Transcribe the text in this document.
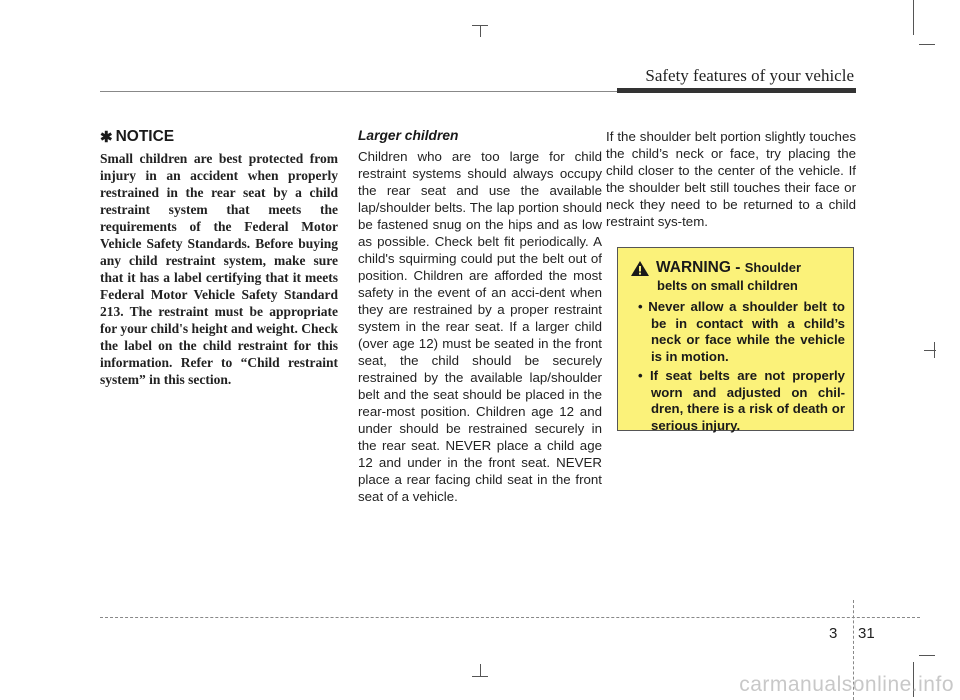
Safety features of your vehicle
✱ NOTICE

Small children are best protected from injury in an accident when properly restrained in the rear seat by a child restraint system that meets the requirements of the Federal Motor Vehicle Safety Standards. Before buying any child restraint system, make sure that it has a label certifying that it meets Federal Motor Vehicle Safety Standard 213. The restraint must be appropriate for your child's height and weight. Check the label on the child restraint for this information. Refer to “Child restraint system” in this section.

Larger children

Children who are too large for child restraint systems should always occupy the rear seat and use the available lap/shoulder belts. The lap portion should be fastened snug on the hips and as low as possible. Check belt fit periodically. A child's squirming could put the belt out of position. Children are afforded the most safety in the event of an acci-dent when they are restrained by a proper restraint system in the rear seat. If a larger child (over age 12) must be seated in the front seat, the child should be securely restrained by the available lap/shoulder belt and the seat should be placed in the rear-most position. Children age 12 and under should be restrained securely in the rear seat. NEVER place a child age 12 and under in the front seat. NEVER place a rear facing child seat in the front seat of a vehicle.

If the shoulder belt portion slightly touches the child’s neck or face, try placing the child closer to the center of the vehicle. If the shoulder belt still touches their face or neck they need to be returned to a child restraint sys-tem.

WARNING - Shoulder
belts on small children
• Never allow a shoulder belt to be in contact with a child’s neck or face while the vehicle is in motion.
• If seat belts are not properly worn and adjusted on chil-dren, there is a risk of death or serious injury.
3 31
carmanualsonline.info
